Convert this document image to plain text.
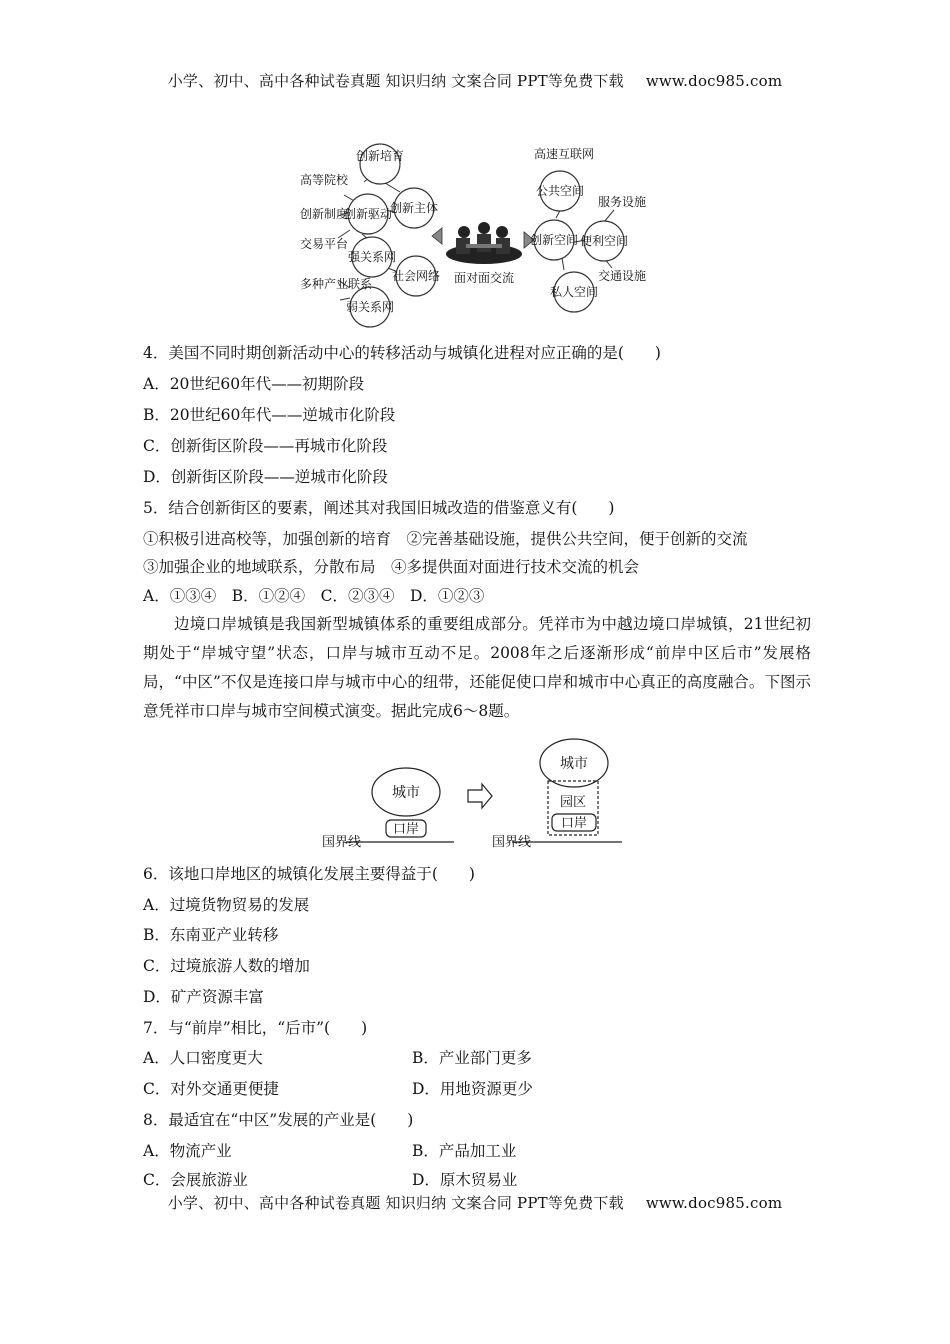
小学、初中、高中各种试卷真题 知识归纳 文案合同 PPT等免费下载 www.doc985.com
创新培育
创新驱动
创新主体
强关系网
社会网络
弱关系网
高等院校
创新制度
交易平台
多种产业联系	面对面交流
公共空间
创新空间 便利空间
私人空间
高速互联网
服务设施
交通设施
4．美国不同时期创新活动中心的转移活动与城镇化进程对应正确的是(　　)
A．20世纪60年代——初期阶段
B．20世纪60年代——逆城市化阶段
C．创新街区阶段——再城市化阶段
D．创新街区阶段——逆城市化阶段
5．结合创新街区的要素，阐述其对我国旧城改造的借鉴意义有(　　)
①积极引进高校等，加强创新的培育　②完善基础设施，提供公共空间，便于创新的交流
③加强企业的地域联系，分散布局　④多提供面对面进行技术交流的机会
A．①③④　B．①②④　C．②③④　D．①②③
边境口岸城镇是我国新型城镇体系的重要组成部分。凭祥市为中越边境口岸城镇，21世纪初期处于“岸城守望”状态，口岸与城市互动不足。2008年之后逐渐形成“前岸中区后市”发展格局，“中区”不仅是连接口岸与城市中心的纽带，还能促使口岸和城市中心真正的高度融合。下图示意凭祥市口岸与城市空间模式演变。据此完成6～8题。
城市
口岸
国界线
城市
园区
口岸
国界线
6．该地口岸地区的城镇化发展主要得益于(　　)
A．过境货物贸易的发展
B．东南亚产业转移
C．过境旅游人数的增加
D．矿产资源丰富
7．与“前岸”相比，“后市”(　　)
A．人口密度更大	B．产业部门更多
C．对外交通更便捷	D．用地资源更少
8．最适宜在“中区”发展的产业是(　　)
A．物流产业	B．产品加工业
C．会展旅游业	D．原木贸易业
小学、初中、高中各种试卷真题 知识归纳 文案合同 PPT等免费下载 www.doc985.com
